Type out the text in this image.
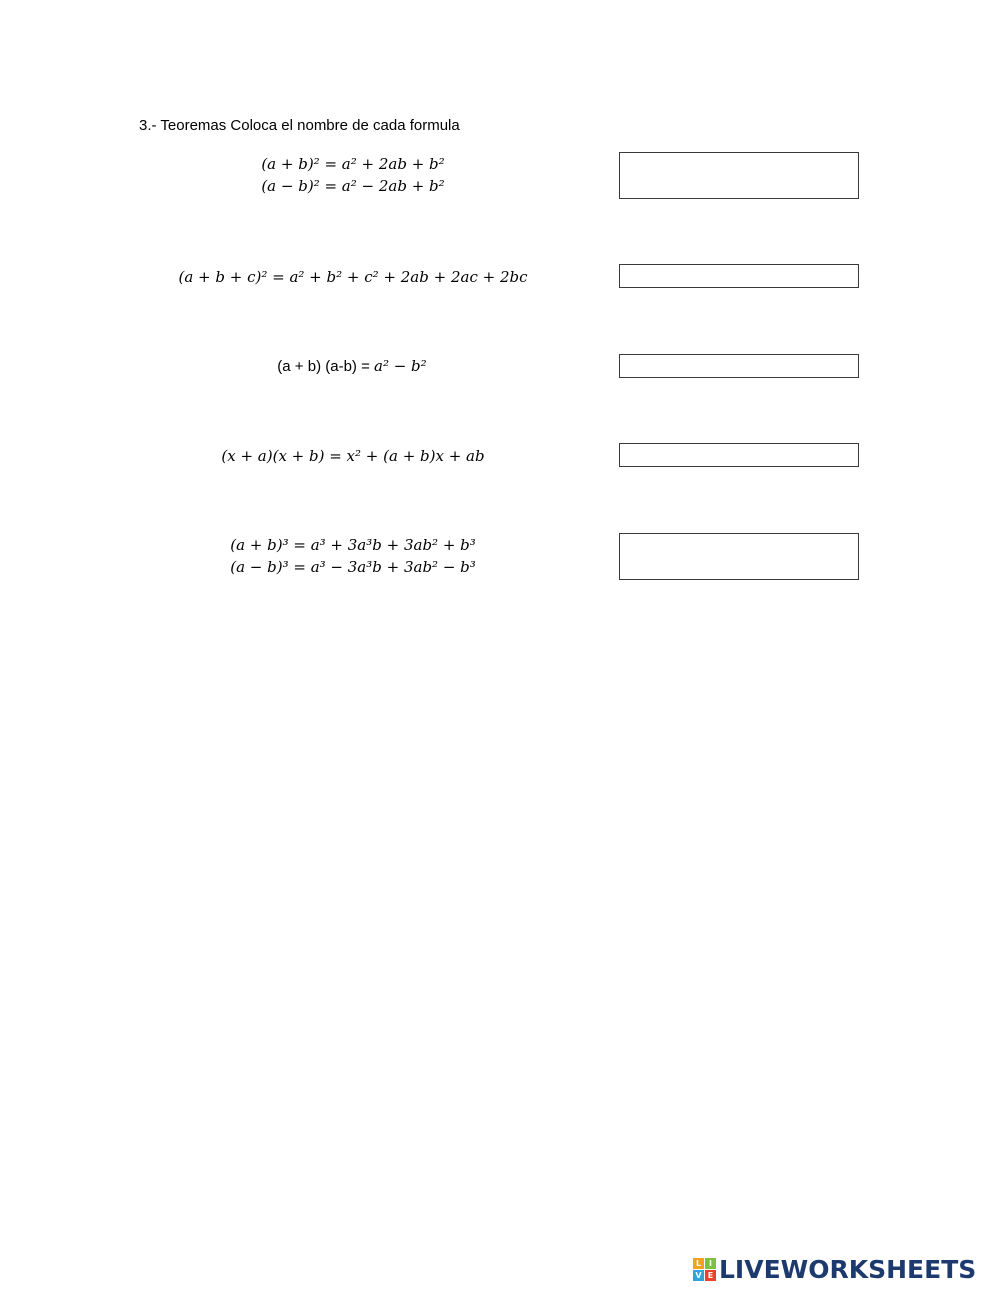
3.- Teoremas Coloca el nombre de cada formula
(a + b)² = a² + 2ab + b²
(a − b)² = a² − 2ab + b²
(a + b + c)² = a² + b² + c² + 2ab + 2ac + 2bc
(a + b) (a-b) = a² − b²
(x + a)(x + b) = x² + (a + b)x + ab
(a + b)³ = a³ + 3a³b + 3ab² + b³
(a − b)³ = a³ − 3a³b + 3ab² − b³
L I
V E LIVEWORKSHEETS
